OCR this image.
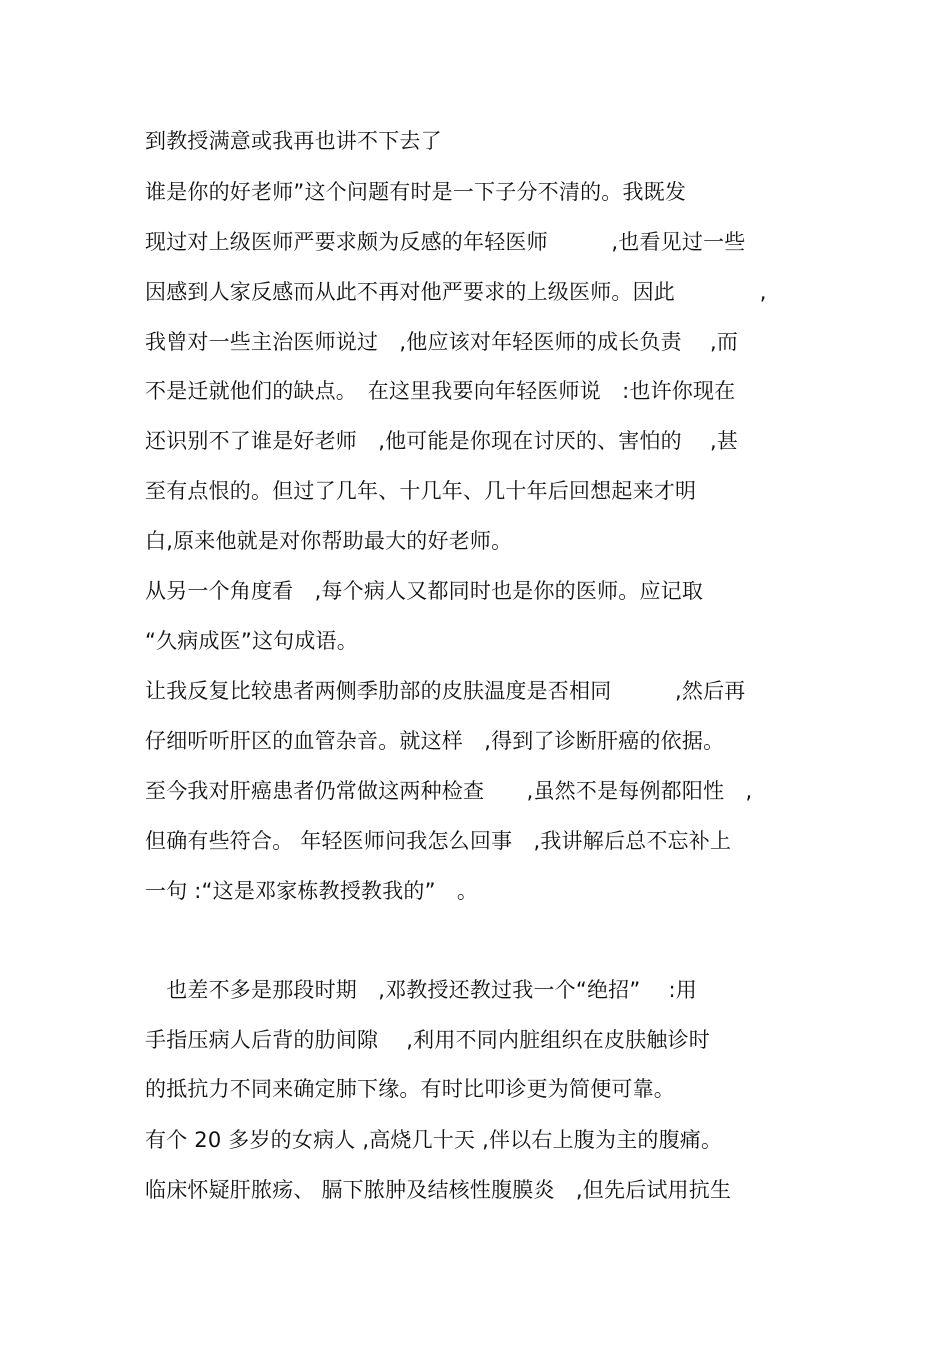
到教授满意或我再也讲不下去了
谁是你的好老师”这个问题有时是一下子分不清的。我既发
现过对上级医师严要求颇为反感的年轻医师　　　,也看见过一些
因感到人家反感而从此不再对他严要求的上级医师。因此　　　　,
我曾对一些主治医师说过　,他应该对年轻医师的成长负责　 ,而
不是迁就他们的缺点。　在这里我要向年轻医师说　:也许你现在
还识别不了谁是好老师　,他可能是你现在讨厌的、害怕的　 ,甚
至有点恨的。但过了几年、十几年、几十年后回想起来才明
白,原来他就是对你帮助最大的好老师。
从另一个角度看　,每个病人又都同时也是你的医师。应记取
“久病成医”这句成语。
让我反复比较患者两侧季肋部的皮肤温度是否相同　　　,然后再
仔细听听肝区的血管杂音。就这样　,得到了诊断肝癌的依据。
至今我对肝癌患者仍常做这两种检查　　,虽然不是每例都阳性　,
但确有些符合。 年轻医师问我怎么回事　,我讲解后总不忘补上
一句 :“这是邓家栋教授教我的”　。
　也差不多是那段时期　,邓教授还教过我一个“绝招”　 :用
手指压病人后背的肋间隙　 ,利用不同内脏组织在皮肤触诊时
的抵抗力不同来确定肺下缘。有时比叩诊更为简便可靠。
有个 20 多岁的女病人 ,高烧几十天 ,伴以右上腹为主的腹痛。
临床怀疑肝脓疡、 膈下脓肿及结核性腹膜炎　,但先后试用抗生
